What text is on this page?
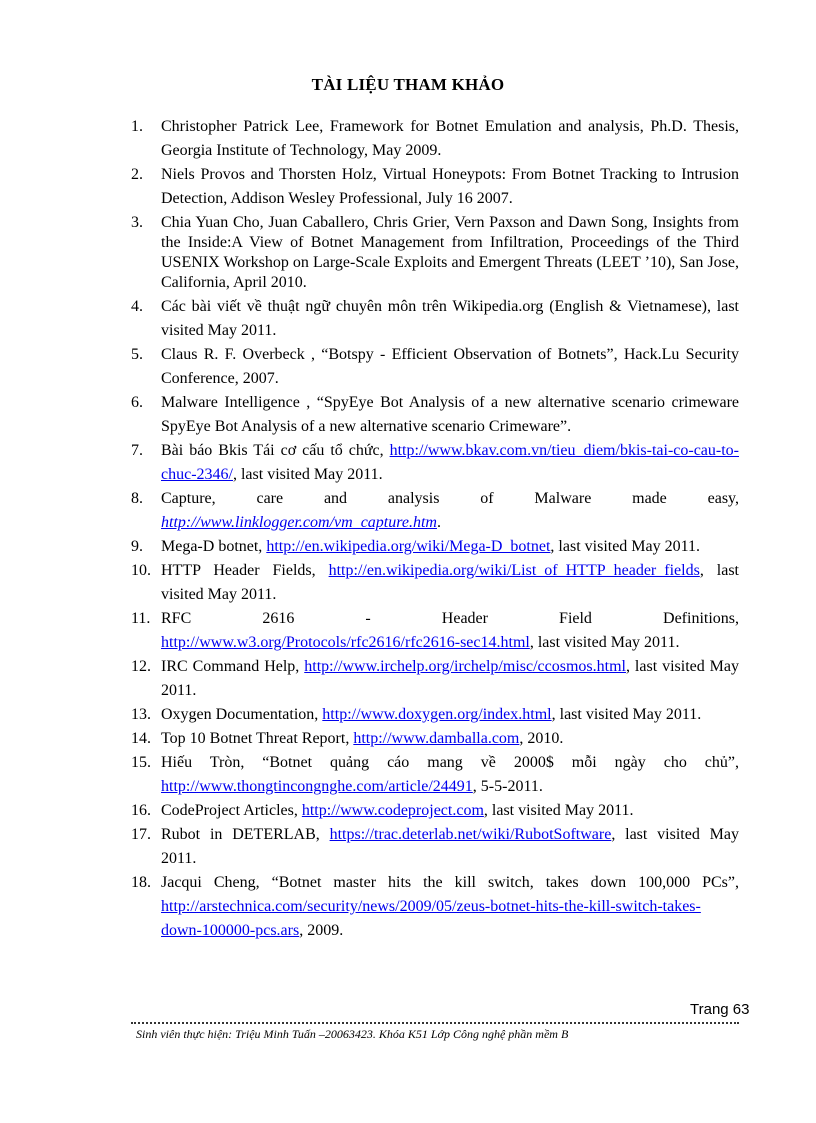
TÀI LIỆU THAM KHẢO
1.	Christopher Patrick Lee, Framework for Botnet Emulation and analysis, Ph.D. Thesis, Georgia Institute of Technology, May 2009.
2.	Niels Provos and Thorsten Holz, Virtual Honeypots: From Botnet Tracking to Intrusion Detection, Addison Wesley Professional, July 16 2007.
3.	Chia Yuan Cho, Juan Caballero, Chris Grier, Vern Paxson and Dawn Song, Insights from the Inside:A View of Botnet Management from Infiltration, Proceedings of the Third USENIX Workshop on Large-Scale Exploits and Emergent Threats (LEET ’10), San Jose, California, April 2010.
4.	Các bài viết về thuật ngữ chuyên môn trên Wikipedia.org (English & Vietnamese), last visited May 2011.
5.	Claus R. F. Overbeck , “Botspy - Efficient Observation of Botnets”, Hack.Lu Security Conference, 2007.
6.	Malware Intelligence , “SpyEye Bot Analysis of a new alternative scenario crimeware SpyEye Bot Analysis of a new alternative scenario Crimeware”.
7.	Bài báo Bkis Tái cơ cấu tổ chức, http://www.bkav.com.vn/tieu_diem/bkis-tai-co-cau-to-chuc-2346/, last visited May 2011.
8.	Capture, care and analysis of Malware made easy,
http://www.linklogger.com/vm_capture.htm.
9.	Mega-D botnet, http://en.wikipedia.org/wiki/Mega-D_botnet, last visited May 2011.
10. HTTP Header Fields, http://en.wikipedia.org/wiki/List_of_HTTP_header_fields, last visited May 2011.
11. RFC 2616 - Header Field Definitions,
http://www.w3.org/Protocols/rfc2616/rfc2616-sec14.html, last visited May 2011.
12. IRC Command Help, http://www.irchelp.org/irchelp/misc/ccosmos.html, last visited May 2011.
13. Oxygen Documentation, http://www.doxygen.org/index.html, last visited May 2011.
14. Top 10 Botnet Threat Report, http://www.damballa.com, 2010.
15. Hiếu Tròn, “Botnet quảng cáo mang về 2000$ mỗi ngày cho chủ”, http://www.thongtincongnghe.com/article/24491, 5-5-2011.
16. CodeProject Articles, http://www.codeproject.com, last visited May 2011.
17. Rubot in DETERLAB, https://trac.deterlab.net/wiki/RubotSoftware, last visited May 2011.
18. Jacqui Cheng, “Botnet master hits the kill switch, takes down 100,000 PCs”, http://arstechnica.com/security/news/2009/05/zeus-botnet-hits-the-kill-switch-takes-down-100000-pcs.ars, 2009.
Trang 63
Sinh viên thực hiện: Triệu Minh Tuấn –20063423. Khóa K51 Lớp Công nghệ phần mềm B
